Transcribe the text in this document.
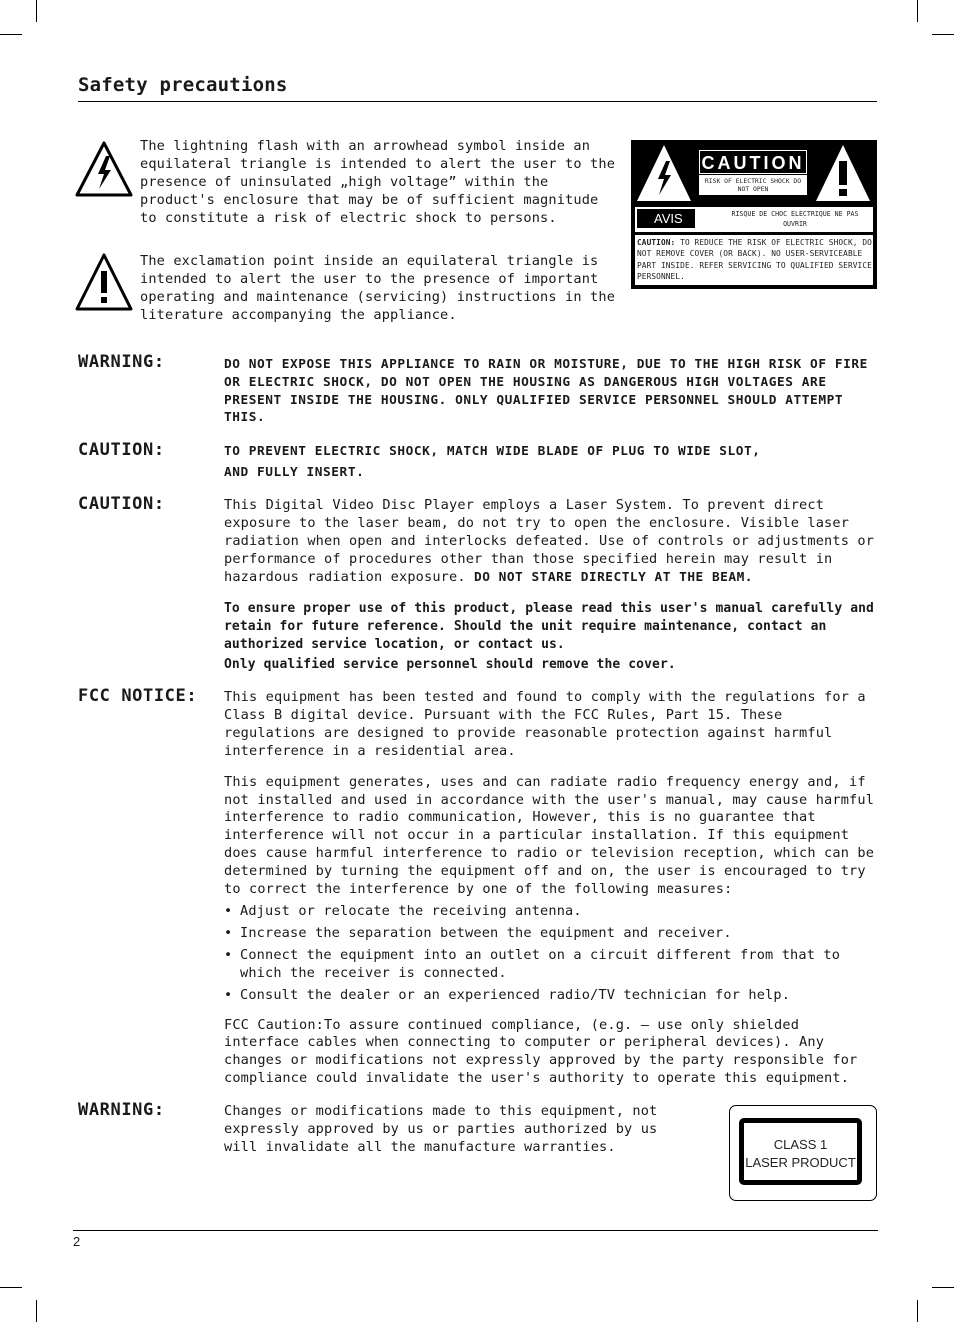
Safety precautions
The lightning flash with an arrowhead symbol inside an equilateral triangle is intended to alert the user to the presence of uninsulated „high voltage” within the product's enclosure that may be of sufficient magnitude to constitute a risk of electric shock to persons.
The exclamation point inside an equilateral triangle is intended to alert the user to the presence of important operating and maintenance (servicing) instructions in the literature accompanying the appliance.
CAUTION
RISK OF ELECTRIC SHOCK DO NOT OPEN
AVIS	RISQUE DE CHOC ELECTRIQUE NE PAS OUVRIR
CAUTION: TO REDUCE THE RISK OF ELECTRIC SHOCK, DO NOT REMOVE COVER (OR BACK). NO USER-SERVICEABLE PART INSIDE. REFER SERVICING TO QUALIFIED SERVICE PERSONNEL.
WARNING:	DO NOT EXPOSE THIS APPLIANCE TO RAIN OR MOISTURE, DUE TO THE HIGH RISK OF FIRE OR ELECTRIC SHOCK, DO NOT OPEN THE HOUSING AS DANGEROUS HIGH VOLTAGES ARE PRESENT INSIDE THE HOUSING. ONLY QUALIFIED SERVICE PERSONNEL SHOULD ATTEMPT THIS.
CAUTION:	TO PREVENT ELECTRIC SHOCK, MATCH WIDE BLADE OF PLUG TO WIDE SLOT,
AND FULLY INSERT.
CAUTION:	This Digital Video Disc Player employs a Laser System. To prevent direct exposure to the laser beam, do not try to open the enclosure. Visible laser radiation when open and interlocks defeated. Use of controls or adjustments or performance of procedures other than those specified herein may result in hazardous radiation exposure. DO NOT STARE DIRECTLY AT THE BEAM.

To ensure proper use of this product, please read this user's manual carefully and retain for future reference. Should the unit require maintenance, contact an authorized service location, or contact us.

Only qualified service personnel should remove the cover.

FCC NOTICE: This equipment has been tested and found to comply with the regulations for a Class B digital device. Pursuant with the FCC Rules, Part 15. These regulations are designed to provide reasonable protection against harmful interference in a residential area.

This equipment generates, uses and can radiate radio frequency energy and, if not installed and used in accordance with the user's manual, may cause harmful interference to radio communication, However, this is no guarantee that interference will not occur in a particular installation. If this equipment does cause harmful interference to radio or television reception, which can be determined by turning the equipment off and on, the user is encouraged to try to correct the interference by one of the following measures:

• Adjust or relocate the receiving antenna.
• Increase the separation between the equipment and receiver.
• Connect the equipment into an outlet on a circuit different from that to which the receiver is connected.
• Consult the dealer or an experienced radio/TV technician for help.

FCC Caution:To assure continued compliance, (e.g. – use only shielded interface cables when connecting to computer or peripheral devices). Any changes or modifications not expressly approved by the party responsible for compliance could invalidate the user's authority to operate this equipment.

WARNING:	Changes or modifications made to this equipment, not expressly approved by us or parties authorized by us will invalidate all the manufacture warranties.	CLASS 1
LASER PRODUCT
2
